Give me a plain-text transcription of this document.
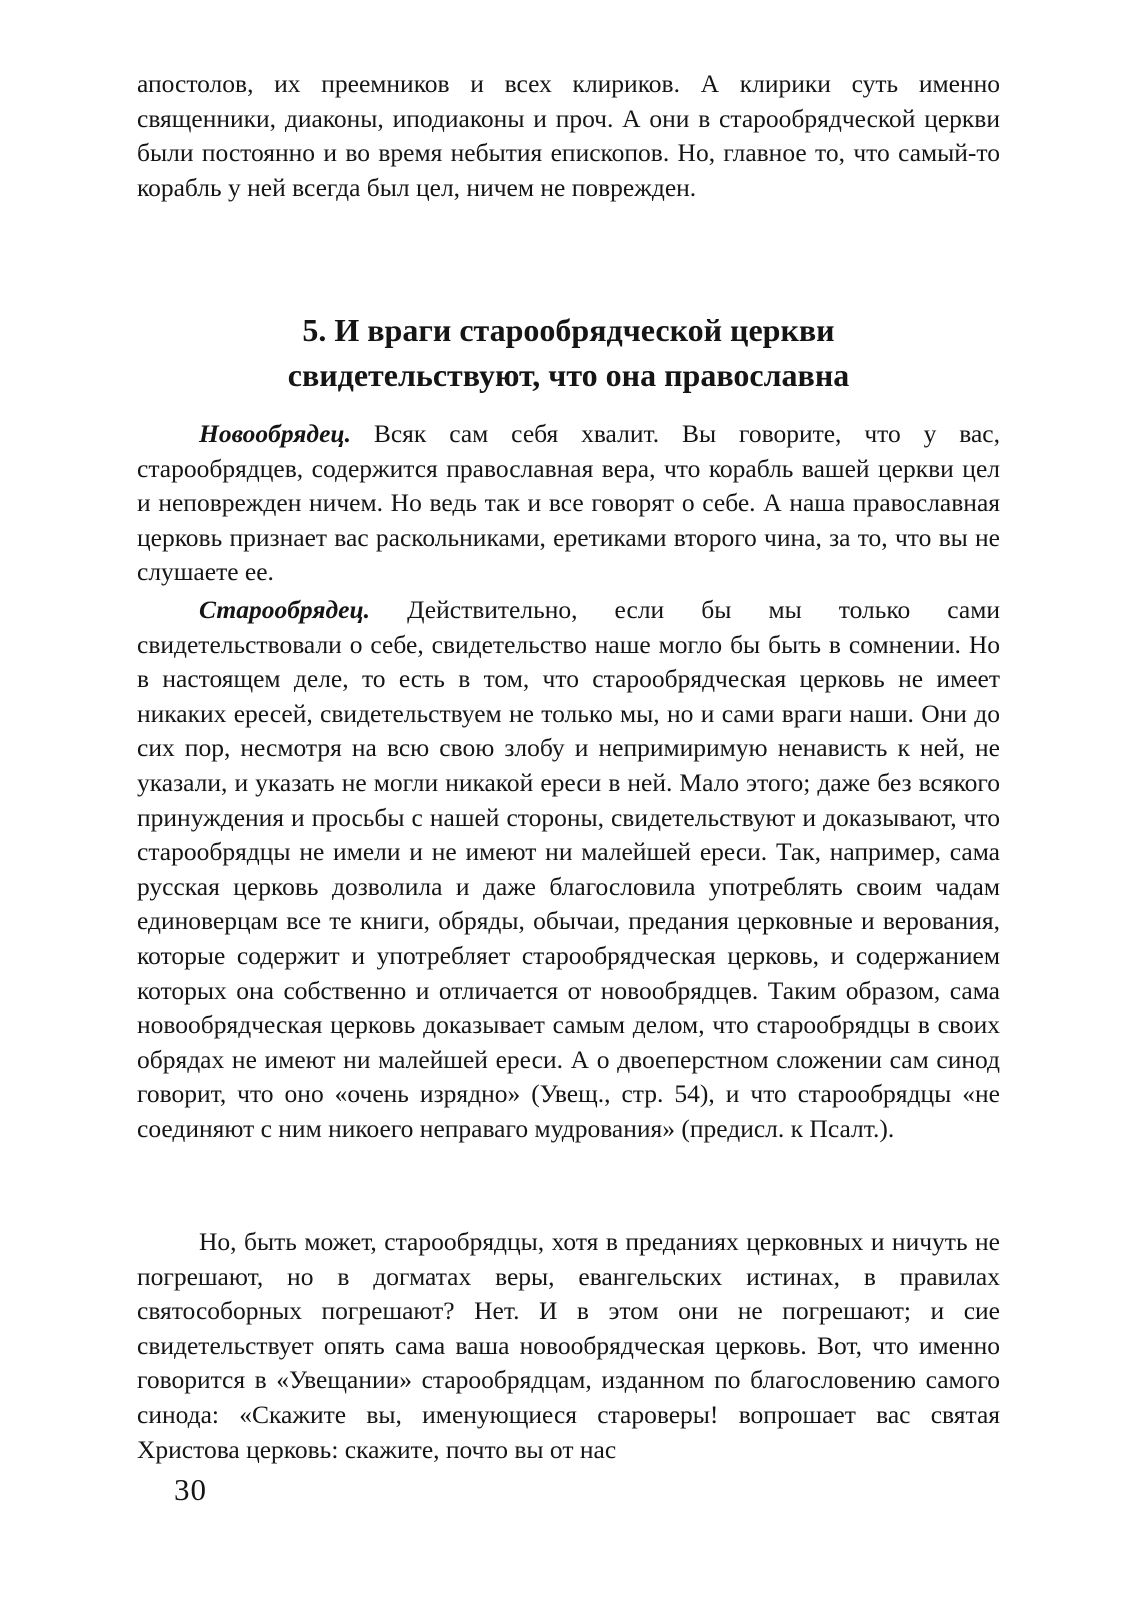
апостолов, их преемников и всех клириков. А клирики суть именно священники, диаконы, иподиаконы и проч. А они в старообрядческой церкви были постоянно и во время небытия епископов. Но, главное то, что самый-то корабль у ней всегда был цел, ничем не поврежден.

5. И враги старообрядческой церкви
свидетельствуют, что она православна

Новообрядец. Всяк сам себя хвалит. Вы говорите, что у вас, старообрядцев, содержится православная вера, что корабль вашей церкви цел и неповрежден ничем. Но ведь так и все говорят о себе. А наша православная церковь признает вас раскольниками, еретиками второго чина, за то, что вы не слушаете ее.

Старообрядец. Действительно, если бы мы только сами свидетельствовали о себе, свидетельство наше могло бы быть в сомнении. Но в настоящем деле, то есть в том, что старообрядческая церковь не имеет никаких ересей, свидетельствуем не только мы, но и сами враги наши. Они до сих пор, несмотря на всю свою злобу и непримиримую ненависть к ней, не указали, и указать не могли никакой ереси в ней. Мало этого; даже без всякого принуждения и просьбы с нашей стороны, свидетельствуют и доказывают, что старообрядцы не имели и не имеют ни малейшей ереси. Так, например, сама русская церковь дозволила и даже благословила употреблять своим чадам единоверцам все те книги, обряды, обычаи, предания церковные и верования, которые содержит и употребляет старообрядческая церковь, и содержанием которых она собственно и отличается от новообрядцев. Таким образом, сама новообрядческая церковь доказывает самым делом, что старообрядцы в своих обрядах не имеют ни малейшей ереси. А о двоеперстном сложении сам синод говорит, что оно «очень изрядно» (Увещ., стр. 54), и что старообрядцы «не соединяют с ним никоего неправаго мудрования» (предисл. к Псалт.).

Но, быть может, старообрядцы, хотя в преданиях церковных и ничуть не погрешают, но в догматах веры, евангельских истинах, в правилах святособорных погрешают? Нет. И в этом они не погрешают; и сие свидетельствует опять сама ваша новообрядческая церковь. Вот, что именно говорится в «Увещании» старообрядцам, изданном по благословению самого синода: «Скажите вы, именующиеся староверы! вопрошает вас святая Христова церковь: скажите, почто вы от нас

30
